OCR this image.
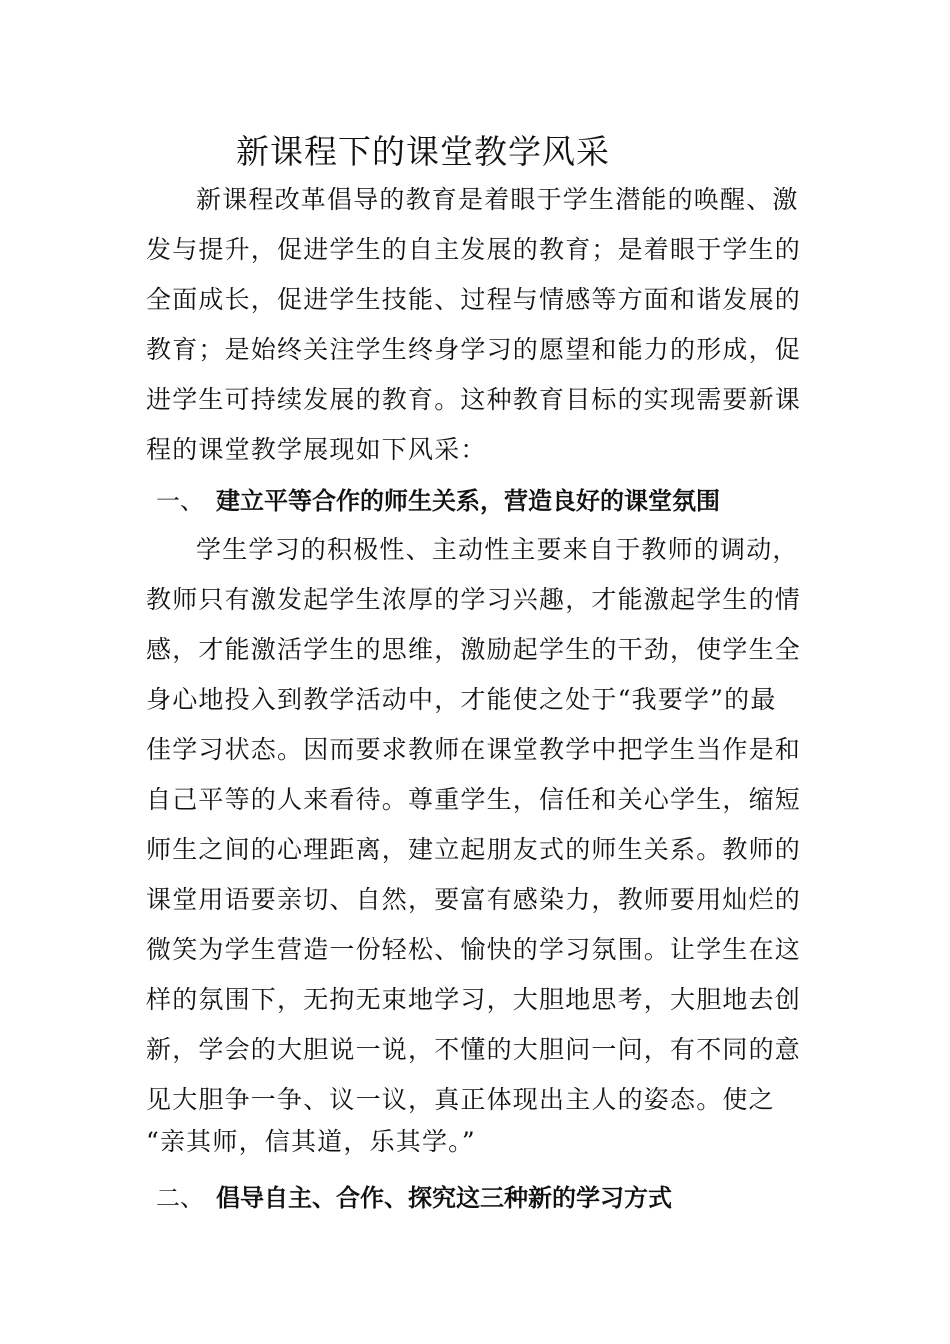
新课程下的课堂教学风采
新课程改革倡导的教育是着眼于学生潜能的唤醒、激
发与提升，促进学生的自主发展的教育；是着眼于学生的
全面成长，促进学生技能、过程与情感等方面和谐发展的
教育；是始终关注学生终身学习的愿望和能力的形成，促
进学生可持续发展的教育。这种教育目标的实现需要新课
程的课堂教学展现如下风采：
一、 建立平等合作的师生关系，营造良好的课堂氛围
学生学习的积极性、主动性主要来自于教师的调动，
教师只有激发起学生浓厚的学习兴趣，才能激起学生的情
感，才能激活学生的思维，激励起学生的干劲，使学生全
身心地投入到教学活动中，才能使之处于“我要学”的最
佳学习状态。因而要求教师在课堂教学中把学生当作是和
自己平等的人来看待。尊重学生，信任和关心学生，缩短
师生之间的心理距离，建立起朋友式的师生关系。教师的
课堂用语要亲切、自然，要富有感染力，教师要用灿烂的
微笑为学生营造一份轻松、愉快的学习氛围。让学生在这
样的氛围下，无拘无束地学习，大胆地思考，大胆地去创
新，学会的大胆说一说，不懂的大胆问一问，有不同的意
见大胆争一争、议一议，真正体现出主人的姿态。使之
“亲其师，信其道，乐其学。”
二、 倡导自主、合作、探究这三种新的学习方式
